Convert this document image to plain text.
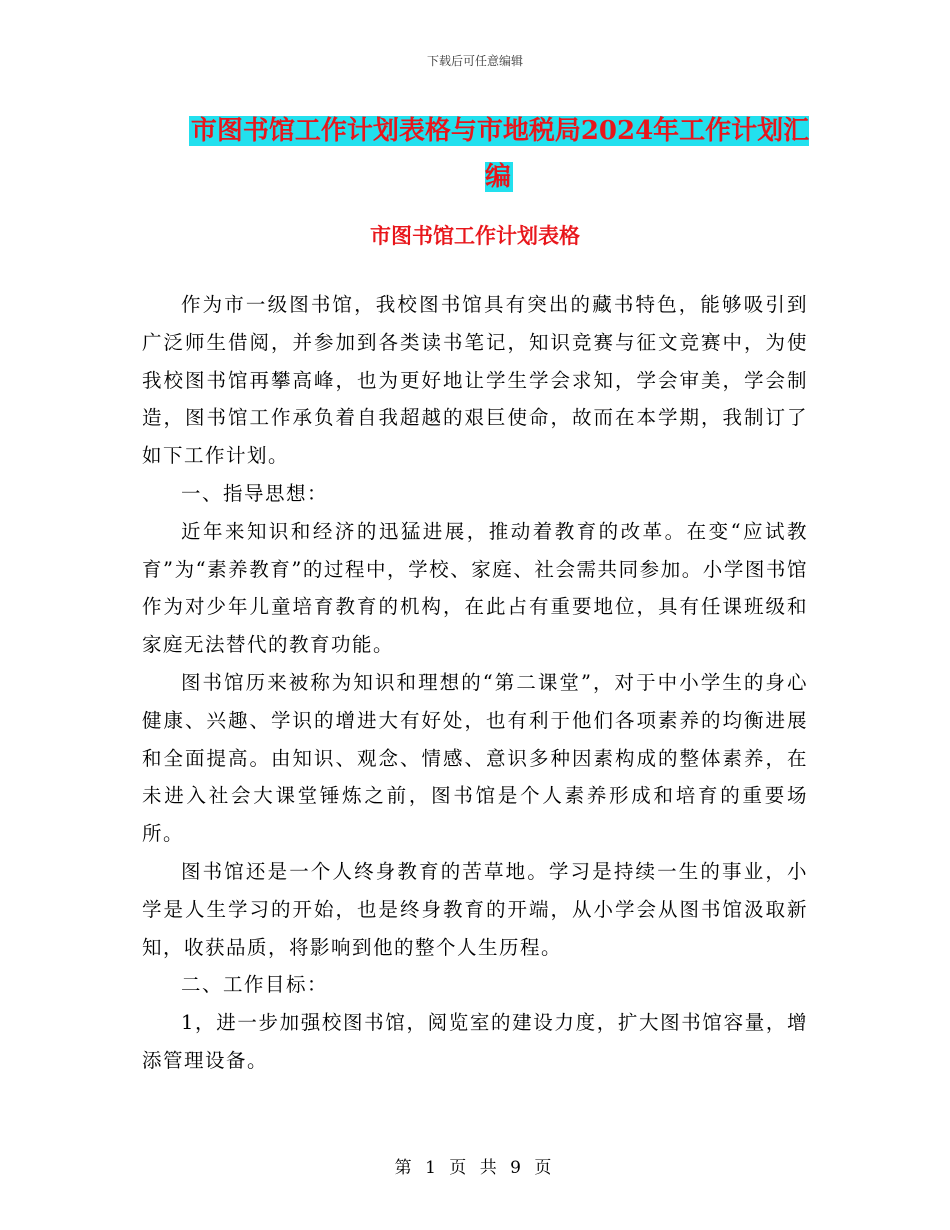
下载后可任意编辑
市图书馆工作计划表格与市地税局2024年工作计划汇编
市图书馆工作计划表格

作为市一级图书馆，我校图书馆具有突出的藏书特色，能够吸引到广泛师生借阅，并参加到各类读书笔记，知识竞赛与征文竞赛中，为使我校图书馆再攀高峰，也为更好地让学生学会求知，学会审美，学会制造，图书馆工作承负着自我超越的艰巨使命，故而在本学期，我制订了如下工作计划。

一、指导思想：

近年来知识和经济的迅猛进展，推动着教育的改革。在变“应试教育”为“素养教育”的过程中，学校、家庭、社会需共同参加。小学图书馆作为对少年儿童培育教育的机构，在此占有重要地位，具有任课班级和家庭无法替代的教育功能。

图书馆历来被称为知识和理想的“第二课堂”，对于中小学生的身心健康、兴趣、学识的增进大有好处，也有利于他们各项素养的均衡进展和全面提高。由知识、观念、情感、意识多种因素构成的整体素养，在未进入社会大课堂锤炼之前，图书馆是个人素养形成和培育的重要场所。

图书馆还是一个人终身教育的苦草地。学习是持续一生的事业，小学是人生学习的开始，也是终身教育的开端，从小学会从图书馆汲取新知，收获品质，将影响到他的整个人生历程。

二、工作目标：

1，进一步加强校图书馆，阅览室的建设力度，扩大图书馆容量，增添管理设备。

第 1 页 共 9 页
